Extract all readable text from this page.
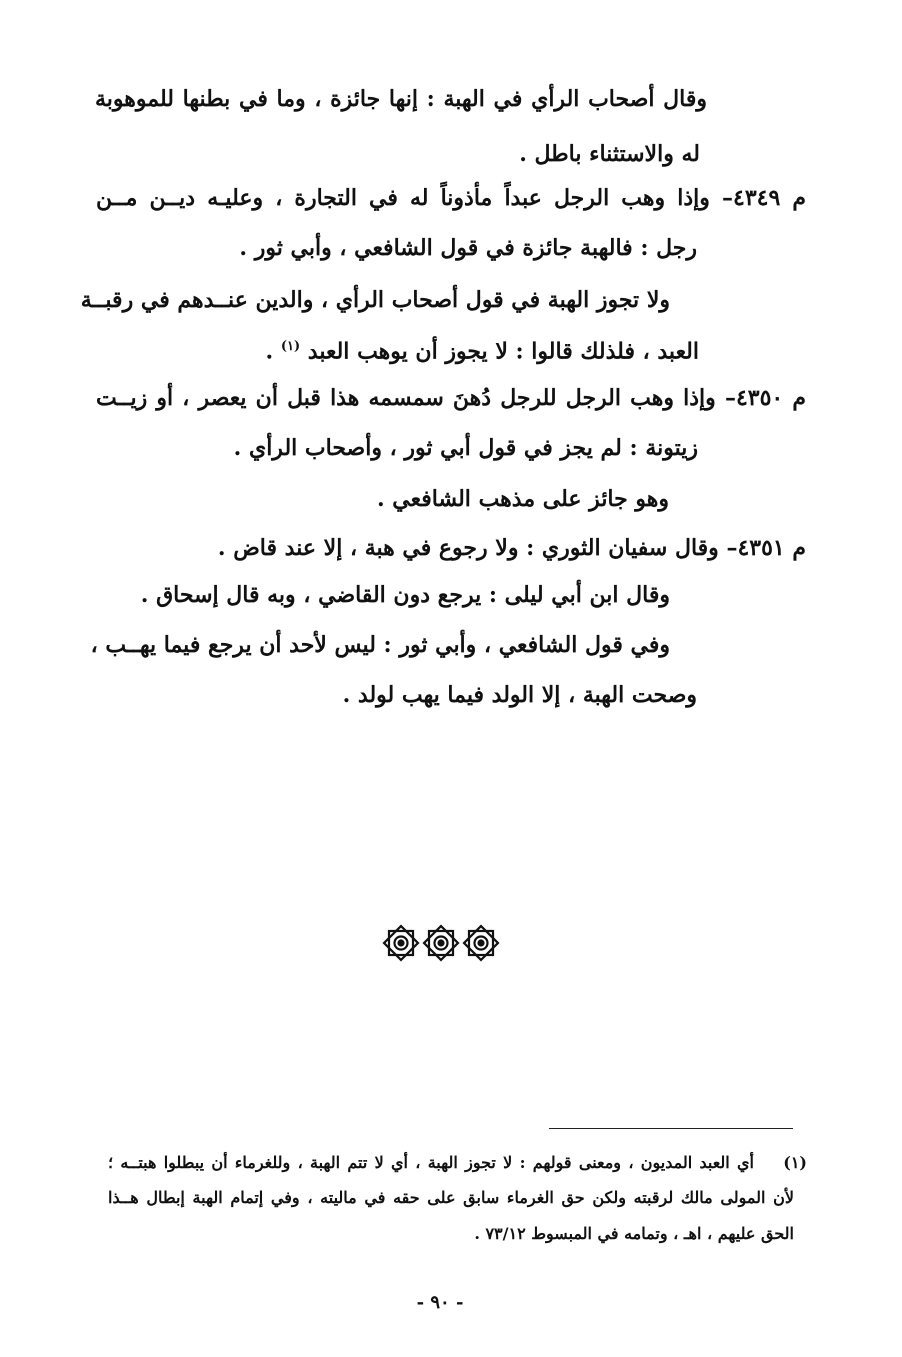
وقال أصحاب الرأي في الهبة : إنها جائزة ، وما في بطنها للموهوبة
له والاستثناء باطل .
م ٤٣٤٩– وإذا وهب الرجل عبداً مأذوناً له في التجارة ، وعليـه ديــن مــن
رجل : فالهبة جائزة في قول الشافعي ، وأبي ثور .
ولا تجوز الهبة في قول أصحاب الرأي ، والدين عنــدهم في رقبــة
العبد ، فلذلك قالوا : لا يجوز أن يوهب العبد $^{(١)}$ .
م ٤٣٥٠– وإذا وهب الرجل للرجل دُهنَ سمسمه هذا قبل أن يعصر ، أو زيــت
زيتونة : لم يجز في قول أبي ثور ، وأصحاب الرأي .
وهو جائز على مذهب الشافعي .
م ٤٣٥١– وقال سفيان الثوري : ولا رجوع في هبة ، إلا عند قاض .
وقال ابن أبي ليلى : يرجع دون القاضي ، وبه قال إسحاق .
وفي قول الشافعي ، وأبي ثور : ليس لأحد أن يرجع فيما يهــب ،
وصحت الهبة ، إلا الولد فيما يهب لولد .
(١)
أي العبد المديون ، ومعنى قولهم : لا تجوز الهبة ، أي لا تتم الهبة ، وللغرماء أن يبطلوا هبتــه ؛
لأن المولى مالك لرقبته ولكن حق الغرماء سابق على حقه في ماليته ، وفي إتمام الهبة إبطال هــذا
الحق عليهم ، اهـ ، وتمامه في المبسوط ٧٣/١٢ .
- ٩٠ -
